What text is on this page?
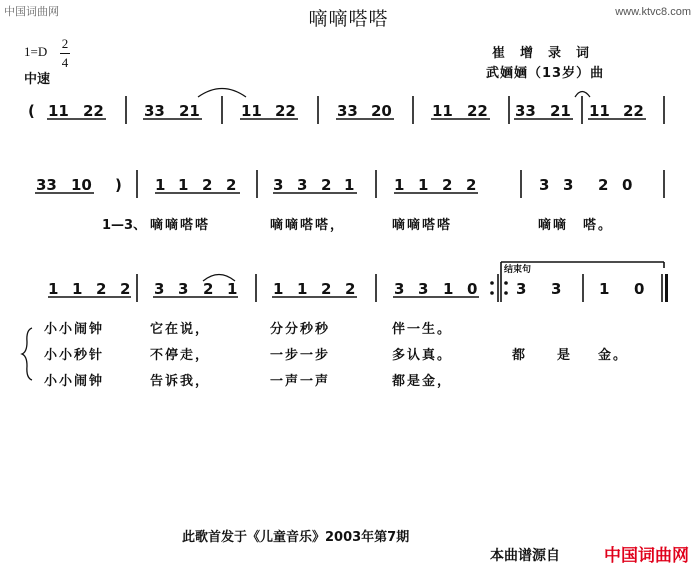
中国词曲网	www.ktvc8.com
嘀嘀嗒嗒
1=D
2
4
中速
崔　增　录　词
武婳婳（13岁）曲
( 11 22	33 21	11 22	33 20	11 22 33 21 11 22
33 10 ) 1 1 2 2 3 3 2 1	1 1 2 2	3 3 2 0
1—3、 嘀嘀嗒嗒	嘀嘀嗒嗒，	嘀嘀嗒嗒	嘀嘀　嗒。
结束句
1 1 2 2 3 3 2 1 1 1 2 2	3 3 1 0	3 3	1 0
小小闹钟	它在说，	分分秒秒	伴一生。
小小秒针	不停走，	一步一步	多认真。	都　　是 金。
小小闹钟	告诉我，	一声一声	都是金，
此歌首发于《儿童音乐》2003年第7期
本曲谱源自	中国词曲网
